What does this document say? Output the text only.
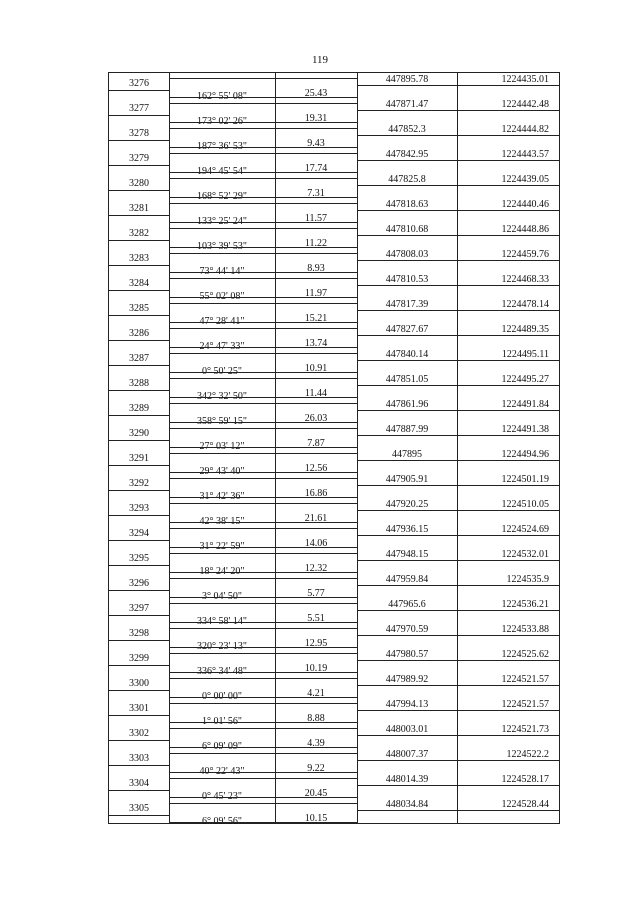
119
3276	447895.78	1224435.01
162° 55' 08"	25.43
3277	447871.47	1224442.48
173° 02' 26"	19.31
3278	447852.3	1224444.82
187° 36' 53"	9.43
3279	447842.95	1224443.57
194° 45' 54"	17.74
3280	447825.8	1224439.05
168° 52' 29"	7.31
3281	447818.63	1224440.46
133° 25' 24"	11.57
3282	447810.68	1224448.86
103° 39' 53"	11.22
3283	447808.03	1224459.76
73° 44' 14"	8.93
3284	447810.53	1224468.33
55° 02' 08"	11.97
3285	447817.39	1224478.14
47° 28' 41"	15.21
3286	447827.67	1224489.35
24° 47' 33"	13.74
3287	447840.14	1224495.11
0° 50' 25"	10.91
3288	447851.05	1224495.27
342° 32' 50"	11.44
3289	447861.96	1224491.84
358° 59' 15"	26.03
3290	447887.99	1224491.38
27° 03' 12"	7.87
3291	447895	1224494.96
29° 43' 40"	12.56
3292	447905.91	1224501.19
31° 42' 36"	16.86
3293	447920.25	1224510.05
42° 38' 15"	21.61
3294	447936.15	1224524.69
31° 22' 59"	14.06
3295	447948.15	1224532.01
18° 24' 20"	12.32
3296	447959.84	1224535.9
3° 04' 50"	5.77
3297	447965.6	1224536.21
334° 58' 14"	5.51
3298	447970.59	1224533.88
320° 23' 13"	12.95
3299	447980.57	1224525.62
336° 34' 48"	10.19
3300	447989.92	1224521.57
0° 00' 00"	4.21
3301	447994.13	1224521.57
1° 01' 56"	8.88
3302	448003.01	1224521.73
6° 09' 09"	4.39
3303	448007.37	1224522.2
40° 22' 43"	9.22
3304	448014.39	1224528.17
0° 45' 23"	20.45
3305	448034.84	1224528.44
6° 09' 56"	10.15
